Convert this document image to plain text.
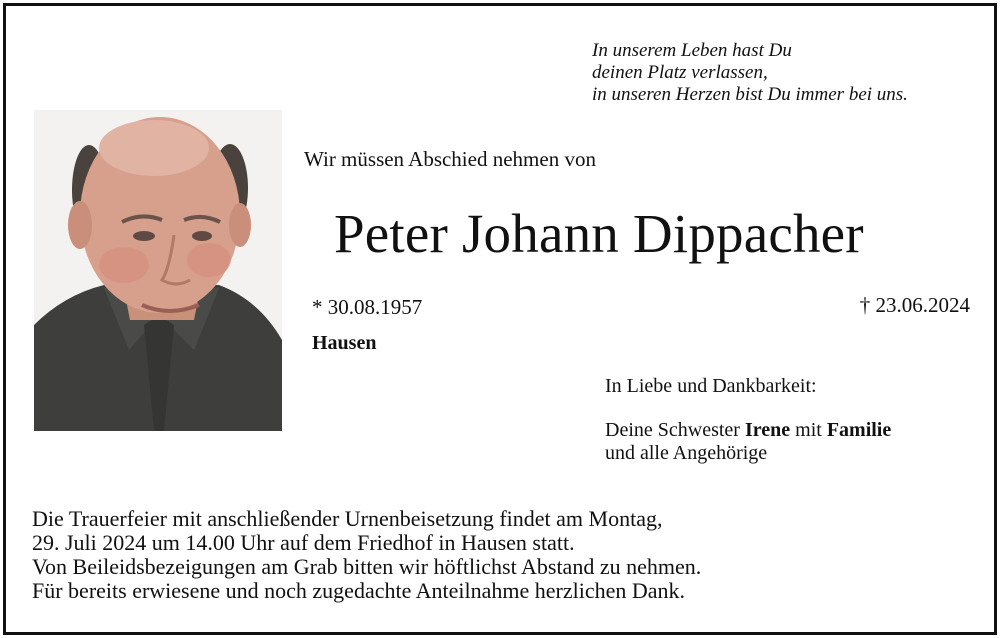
In unserem Leben hast Du
deinen Platz verlassen,
in unseren Herzen bist Du immer bei uns.
Wir müssen Abschied nehmen von
Peter Johann Dippacher
* 30.08.1957	† 23.06.2024
Hausen
In Liebe und Dankbarkeit:
Deine Schwester Irene mit Familie
und alle Angehörige
Die Trauerfeier mit anschließender Urnenbeisetzung findet am Montag,
29. Juli 2024 um 14.00 Uhr auf dem Friedhof in Hausen statt.
Von Beileidsbezeigungen am Grab bitten wir höftlichst Abstand zu nehmen.
Für bereits erwiesene und noch zugedachte Anteilnahme herzlichen Dank.
